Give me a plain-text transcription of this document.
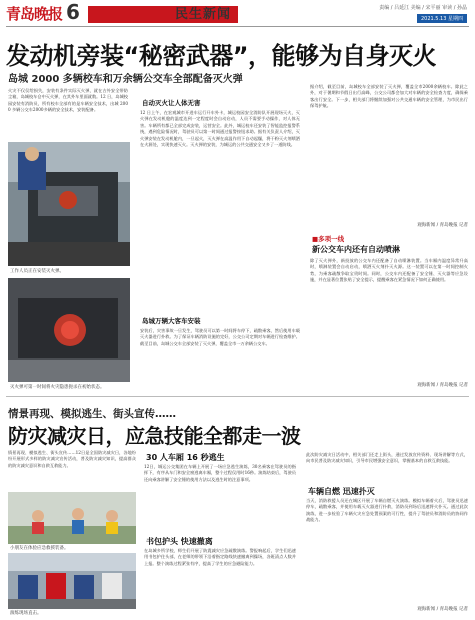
青岛晚报 6	民生新闻	责编 / 吕延江 美编 / 宋平丽 审读 / 孙晶
2021.5.13 星期四
发动机旁装“秘密武器”，能够为自身灭火
岛城 2000 多辆校车和万余辆公交车全部配备灭火弹
火灾不仅仅给损失，安装有条件实际灭火弹，就在古外安全带防尘箱，岛城校车仓中灭火弹，在其外车里面就数。12 日，岛城校园安装有消防员，所有校车全部有的是车辆安全技术，出城 2000 多辆公交车2000多辆的安全技术，安装配备。
工作人员正在安装灭火弹。
灭火弹可第一时间将火灾隐患扼杀在初始状态。
自动灭火让人体无害
12 日上午，在宏观城市开进车运行开车外卡，城运校园安全消防队开展现场灭火，灭火弹在发动机舱的温度达到一定程度时会自动启动，人员不需要手动操作，对人体无害。车辆所有都已全部完成安装，运营安全。此外，城运校车还安装了智能监控报警系统，遇到危险情况时，驾驶员可以第一时间通过报警按钮求助。据有关负责人介绍，灭火弹安装在发动机舱内，一旦起火，灭火弹在高温作用下自动起爆，将干粉灭火剂喷洒在火源处，实现快速灭火。灭火弹的安装，为城运的公共交通安全又多了一道防线。
岛城万辆大客车安装
安装后，灾害事故一旦发生，驾驶员可以第一时间将车停下，疏散乘客，然后使用车载灭火器进行扑救。为了保证车辆消防设施的完好，公交公司定期对车辆进行检查维护。截至目前，岛城公交车全部安装了灭火弹，覆盖全市一万余辆公交车。
据介绍，截至目前，岛城校车全部安装了灭火弹，覆盖全市2000余辆校车。除此之外，对于暑期和节假日出行高峰，公交公司都会加大对车辆的安全检查力度，确保乘客出行安全。下一步，相关部门将继续加强对公共交通车辆的安全管理，为市民出行保驾护航。
观海新闻 / 青岛晚报 记者
■多项一线
新公交车内还有自动喷淋
除了灭火弹外，新投放的公交车内还配备了自动喷淋装置。当车厢内温度异常升高时，喷淋装置会自动启动，喷洒灭火剂扑灭火源。这一装置可以在第一时间控制火势，为乘客疏散争取宝贵时间。同时，公交车内还配备了安全锤、灭火器等应急设施，并在显著位置张贴了安全提示，提醒乘客在紧急情况下如何正确使用。
观海新闻 / 青岛晚报 记者
情景再现、模拟逃生、街头宣传……
防灾减灾日，应急技能全都走一波
情景再现、模拟逃生、街头宣传……12日是全国防灾减灾日，各地纷纷开展形式多样的防灾减灾宣传活动，普及防灾减灾知识，提高群众的防灾减灾意识和自救互救能力。
小朋友在体验应急救援装备。
演练现场直击。
30 人车厢 16 秒逃生
12日，城运公交集团在车辆上开展了一场应急逃生演练，30名乘客在驾驶员的指挥下，有序从车门和安全窗逃离车厢，整个过程仅用时16秒。演练结束后，驾驶员还向乘客讲解了安全锤的使用方法以及逃生时的注意事项。
书包护头 快速撤离
在岛城多所学校，师生们开展了防震减灾应急疏散演练。警报响起后，学生们迅速用书包护住头部，在老师的带领下沿着指定路线快速撤离到操场，各班清点人数并上报。整个演练过程紧张有序，提高了学生的应急避险能力。
此次防灾减灾日活动中，相关部门还走上街头，通过发放宣传资料、现场讲解等方式，向市民普及防灾减灾知识，引导市民增强安全意识，掌握基本的自救互救技能。
车辆自燃 迅速扑灭
当天，消防救援人员还在城区开展了车辆自燃灭火演练。模拟车辆着火后，驾驶员迅速停车，疏散乘客，并使用车载灭火器进行扑救，消防员到场后迅速将火扑灭。通过此次演练，进一步检验了车辆火灾应急处置预案的可行性，提升了驾驶员和消防员的协同作战能力。
观海新闻 / 青岛晚报 记者
